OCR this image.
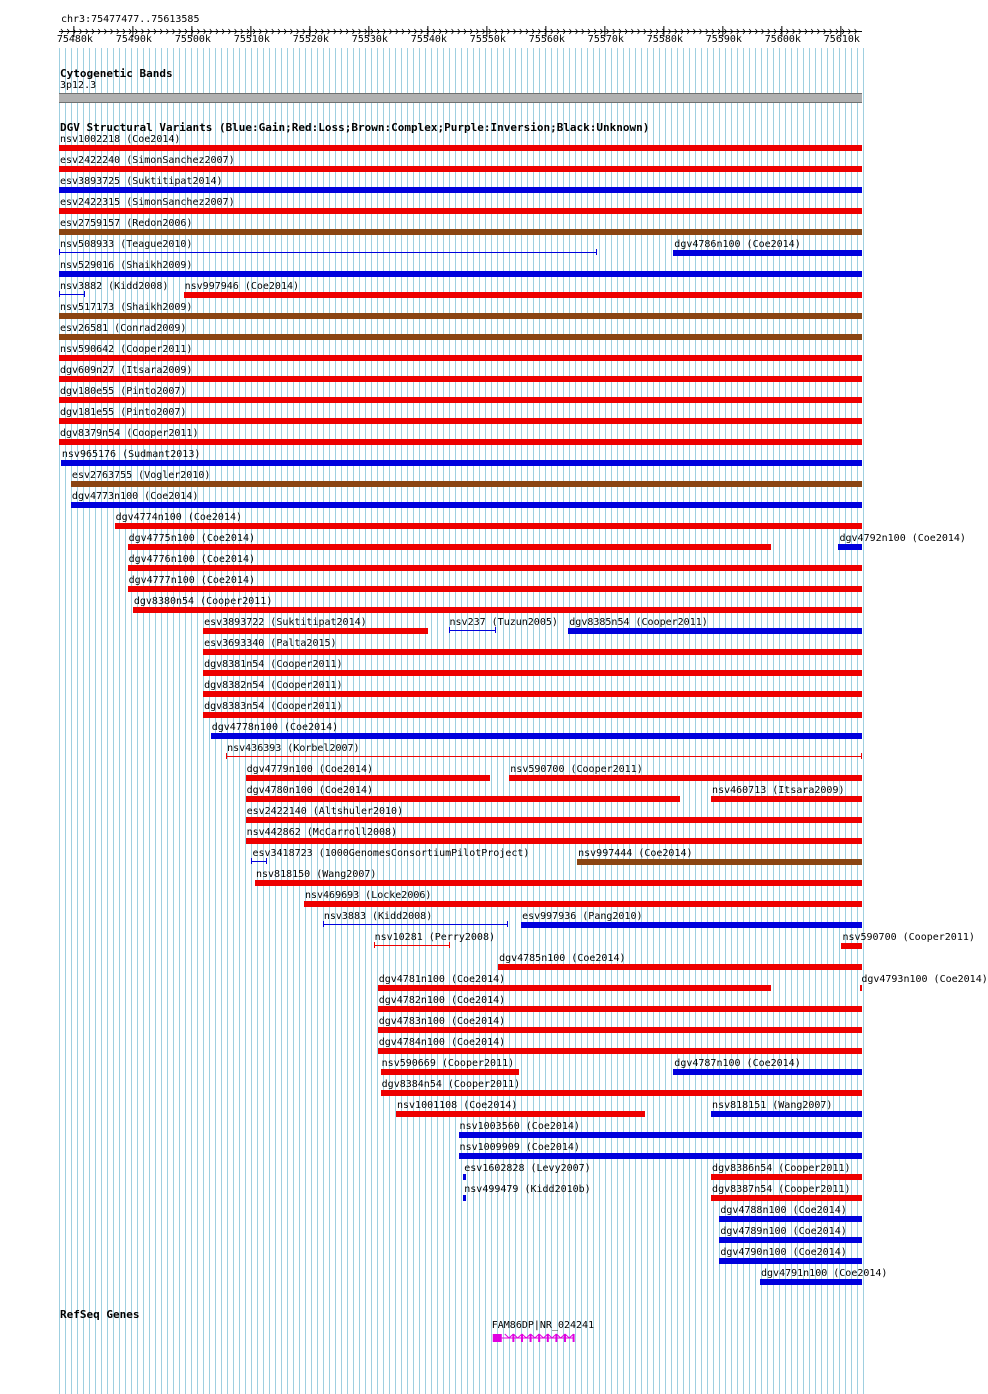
chr3:75477477..75613585
75480k 75490k 75500k 75510k 75520k 75530k 75540k 75550k 75560k 75570k 75580k 75590k 75600k 75610k
Cytogenetic Bands
3p12.3
DGV Structural Variants (Blue:Gain;Red:Loss;Brown:Complex;Purple:Inversion;Black:Unknown)
nsv1002218 (Coe2014)
esv2422240 (SimonSanchez2007)
esv3893725 (Suktitipat2014)
esv2422315 (SimonSanchez2007)
esv2759157 (Redon2006)
nsv508933 (Teague2010)	dgv4786n100 (Coe2014)
nsv529016 (Shaikh2009)
nsv3882 (Kidd2008) nsv997946 (Coe2014)
nsv517173 (Shaikh2009)
esv26581 (Conrad2009)
nsv590642 (Cooper2011)
dgv609n27 (Itsara2009)
dgv180e55 (Pinto2007)
dgv181e55 (Pinto2007)
dgv8379n54 (Cooper2011)
nsv965176 (Sudmant2013)
esv2763755 (Vogler2010)
dgv4773n100 (Coe2014)
dgv4774n100 (Coe2014)
dgv4775n100 (Coe2014)	dgv4792n100 (Coe2014)
dgv4776n100 (Coe2014)
dgv4777n100 (Coe2014)
dgv8380n54 (Cooper2011)
esv3893722 (Suktitipat2014)	nsv237 (Tuzun2005) dgv8385n54 (Cooper2011)
esv3693340 (Palta2015)
dgv8381n54 (Cooper2011)
dgv8382n54 (Cooper2011)
dgv8383n54 (Cooper2011)
dgv4778n100 (Coe2014)
nsv436393 (Korbel2007)
dgv4779n100 (Coe2014)	nsv590700 (Cooper2011)
dgv4780n100 (Coe2014)	nsv460713 (Itsara2009)
esv2422140 (Altshuler2010)
nsv442862 (McCarroll2008)
esv3418723 (1000GenomesConsortiumPilotProject)	nsv997444 (Coe2014)
nsv818150 (Wang2007)
nsv469693 (Locke2006)
nsv3883 (Kidd2008)	esv997936 (Pang2010)
nsv10281 (Perry2008)
dgv4785n100 (Coe2014)
dgv4781n100 (Coe2014)
nsv590700 (Cooper2011)
dgv4782n100 (Coe2014)
dgv4783n100 (Coe2014)
dgv4784n100 (Coe2014)
nsv590669 (Cooper2011)	dgv4787n100 (Coe2014)
dgv8384n54 (Cooper2011)
nsv1001108 (Coe2014)	nsv818151 (Wang2007)
nsv1003560 (Coe2014)
nsv1009909 (Coe2014)
esv1602828 (Levy2007)	dgv8386n54 (Cooper2011)
nsv499479 (Kidd2010b)	dgv8387n54 (Cooper2011)
dgv4788n100 (Coe2014)
dgv4789n100 (Coe2014)
dgv4790n100 (Coe2014)
dgv4791n100 (Coe2014)
dgv4793n100 (Coe2014)
RefSeq Genes
FAM86DP|NR_024241
